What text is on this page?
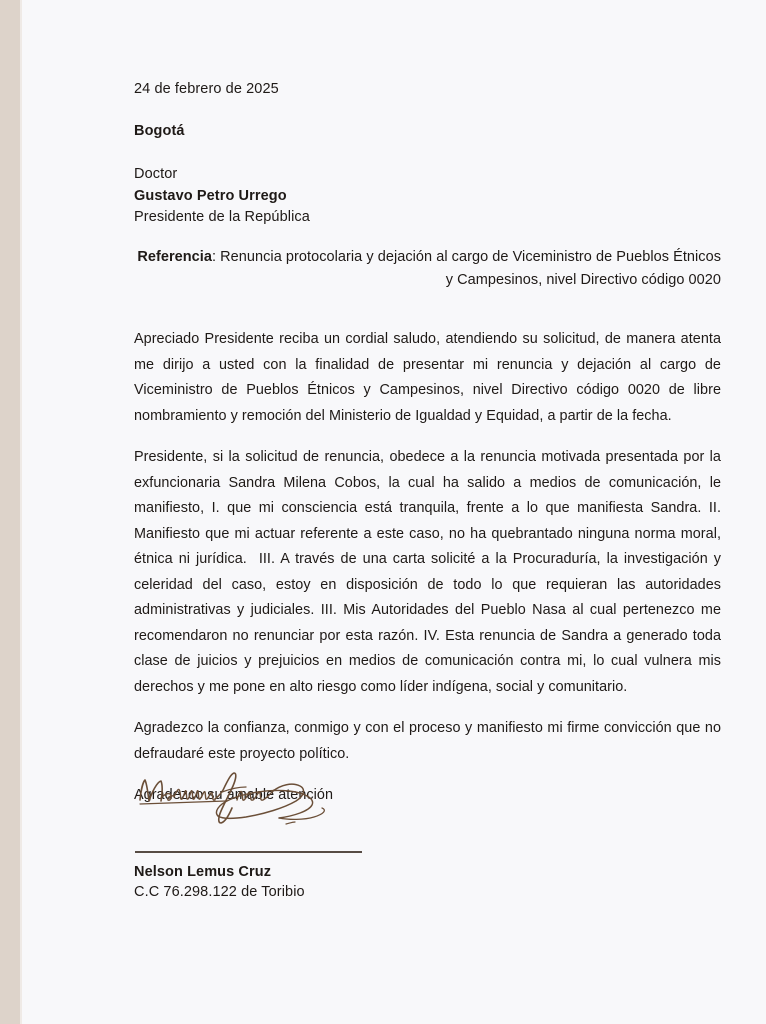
24 de febrero de 2025
Bogotá
Doctor
Gustavo Petro Urrego
Presidente de la República
Referencia: Renuncia protocolaria y dejación al cargo de Viceministro de Pueblos Étnicos y Campesinos, nivel Directivo código 0020

Apreciado Presidente reciba un cordial saludo, atendiendo su solicitud, de manera atenta me dirijo a usted con la finalidad de presentar mi renuncia y dejación al cargo de Viceministro de Pueblos Étnicos y Campesinos, nivel Directivo código 0020 de libre nombramiento y remoción del Ministerio de Igualdad y Equidad, a partir de la fecha.

Presidente, si la solicitud de renuncia, obedece a la renuncia motivada presentada por la exfuncionaria Sandra Milena Cobos, la cual ha salido a medios de comunicación, le manifiesto, I. que mi consciencia está tranquila, frente a lo que manifiesta Sandra. II. Manifiesto que mi actuar referente a este caso, no ha quebrantado ninguna norma moral, étnica ni jurídica.  III. A través de una carta solicité a la Procuraduría, la investigación y celeridad del caso, estoy en disposición de todo lo que requieran las autoridades administrativas y judiciales. III. Mis Autoridades del Pueblo Nasa al cual pertenezco me recomendaron no renunciar por esta razón. IV. Esta renuncia de Sandra a generado toda clase de juicios y prejuicios en medios de comunicación contra mi, lo cual vulnera mis derechos y me pone en alto riesgo como líder indígena, social y comunitario.

Agradezco la confianza, conmigo y con el proceso y manifiesto mi firme convicción que no defraudaré este proyecto político.

Agradezco su amable atención

Nelson Lemus Cruz
C.C 76.298.122 de Toribio
